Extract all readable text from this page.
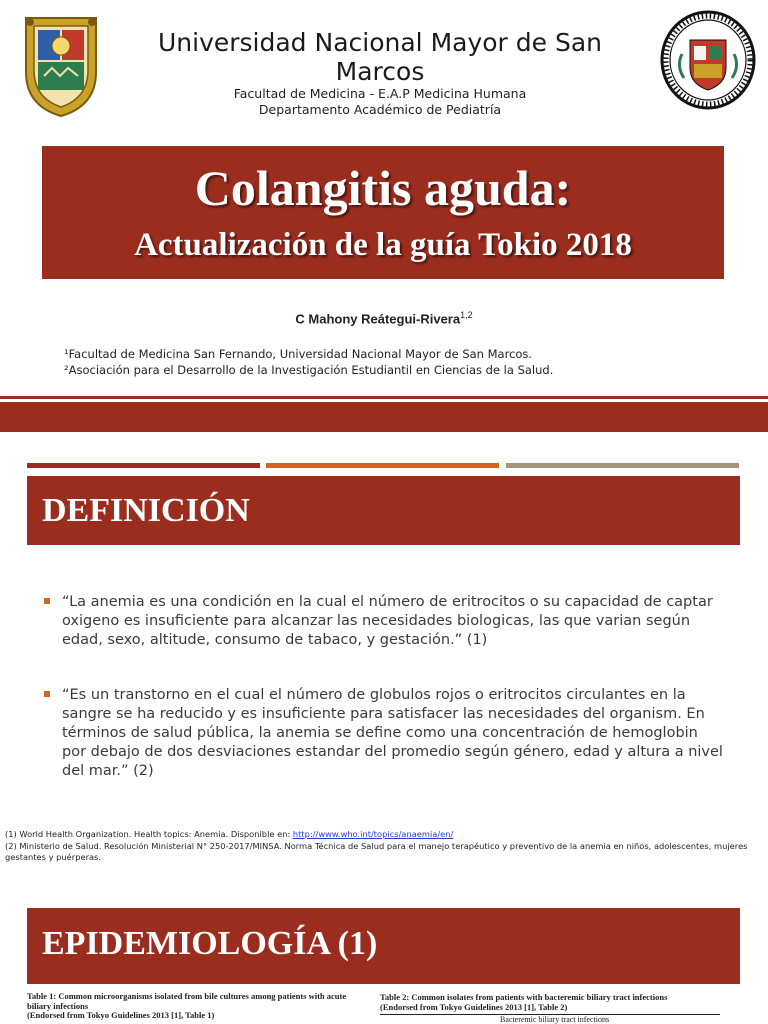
Universidad Nacional Mayor de San Marcos
Facultad de Medicina - E.A.P Medicina Humana
Departamento Académico de Pediatría
Colangitis aguda:
Actualización de la guía Tokio 2018
C Mahony Reátegui-Rivera$^{1,2}$
¹Facultad de Medicina San Fernando, Universidad Nacional Mayor de San Marcos.
²Asociación para el Desarrollo de la Investigación Estudiantil en Ciencias de la Salud.
DEFINICIÓN
“La anemia es una condición en la cual el número de eritrocitos o su capacidad de captar oxigeno es insuficiente para alcanzar las necesidades biologicas, las que varian según edad, sexo, altitude, consumo de tabaco, y gestación.” (1)
“Es un transtorno en el cual el número de globulos rojos o eritrocitos circulantes en la sangre se ha reducido y es insuficiente para satisfacer las necesidades del organism. En términos de salud pública, la anemia se define como una concentración de hemoglobin por debajo de dos desviaciones estandar del promedio según género, edad y altura a nivel del mar.” (2)
(1) World Health Organization. Health topics: Anemia. Disponible en: http://www.who.int/topics/anaemia/en/
(2) Ministerio de Salud. Resolución Ministerial N° 250-2017/MINSA. Norma Técnica de Salud para el manejo terapéutico y preventivo de la anemia en niños, adolescentes, mujeres gestantes y puérperas.
EPIDEMIOLOGÍA (1)
Table 1: Common microorganisms isolated from bile cultures among patients with acute biliary infections
(Endorsed from Tokyo Guidelines 2013 [1], Table 1)
Table 2: Common isolates from patients with bacteremic biliary tract infections
(Endorsed from Tokyo Guidelines 2013 [1], Table 2)
Bacteremic biliary tract infections
